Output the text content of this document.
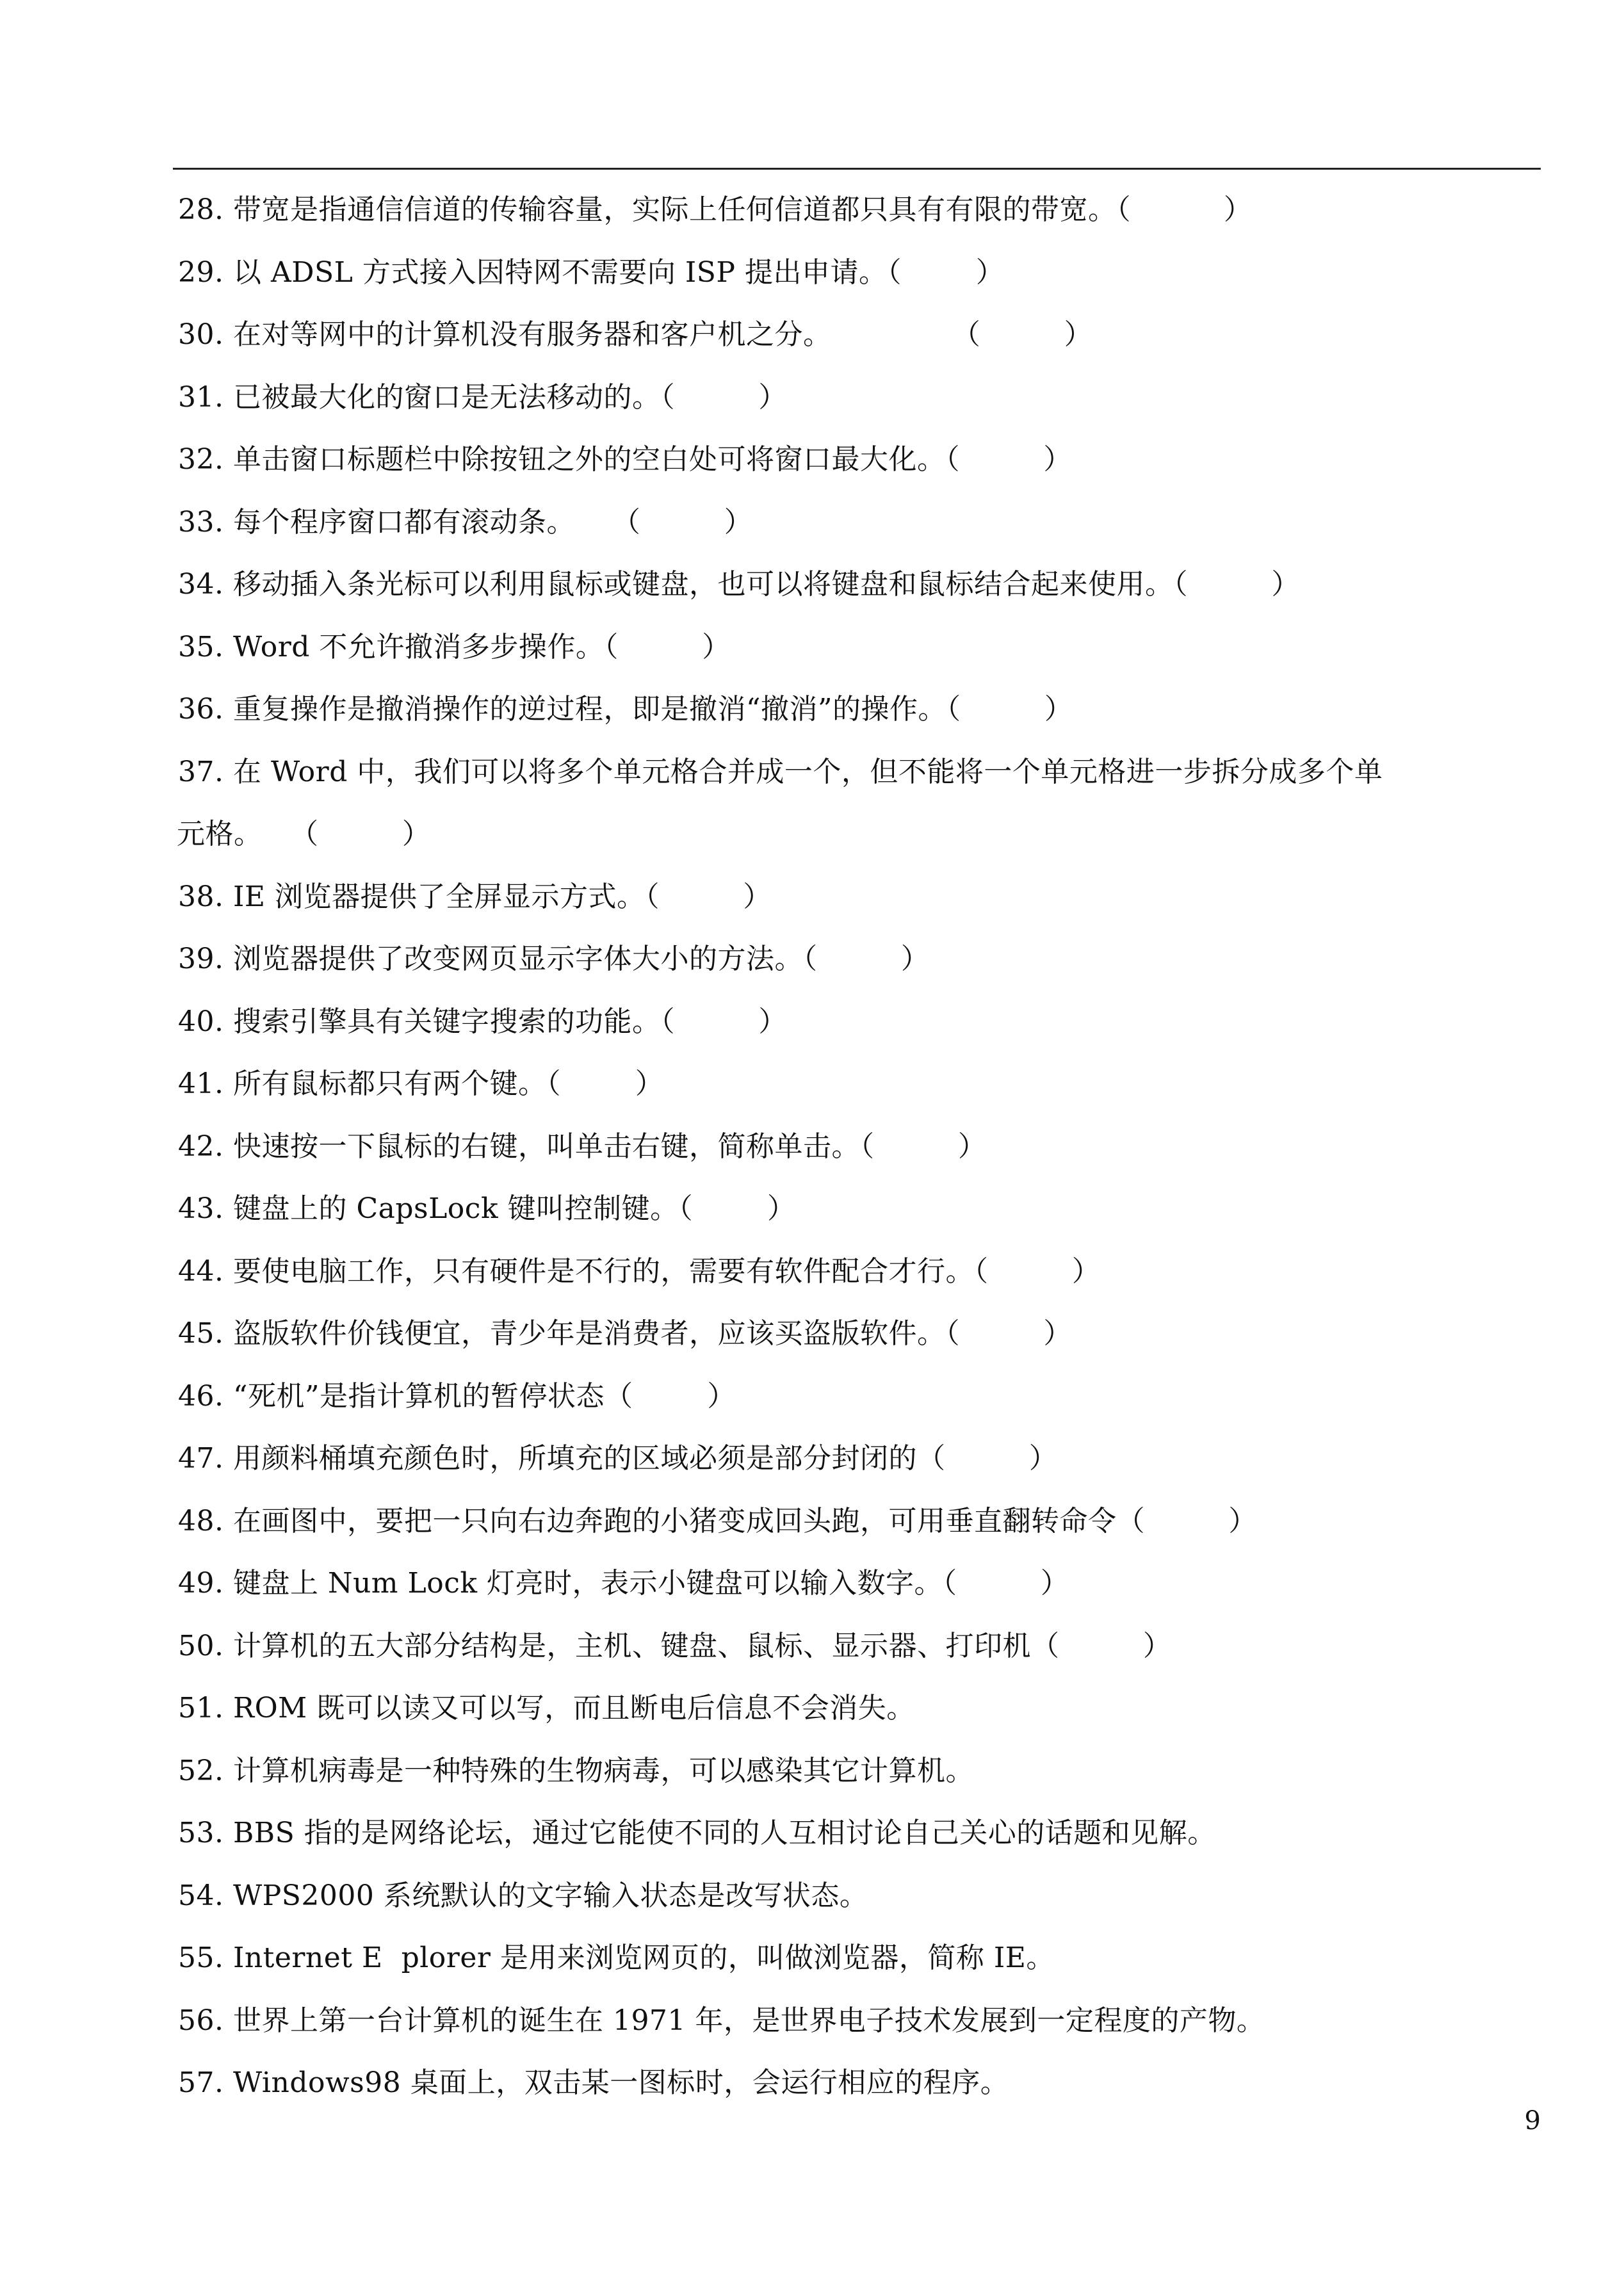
28. 带宽是指通信信道的传输容量，实际上任何信道都只具有有限的带宽。（          ）
29. 以 ADSL 方式接入因特网不需要向 ISP 提出申请。（        ）
30. 在对等网中的计算机没有服务器和客户机之分。             （         ）
31. 已被最大化的窗口是无法移动的。（         ）
32. 单击窗口标题栏中除按钮之外的空白处可将窗口最大化。（         ）
33. 每个程序窗口都有滚动条。    （         ）
34. 移动插入条光标可以利用鼠标或键盘，也可以将键盘和鼠标结合起来使用。（         ）
35. Word 不允许撤消多步操作。（         ）
36. 重复操作是撤消操作的逆过程，即是撤消“撤消”的操作。（         ）
37. 在 Word 中，我们可以将多个单元格合并成一个，但不能将一个单元格进一步拆分成多个单
元格。   （         ）
38. IE 浏览器提供了全屏显示方式。（         ）
39. 浏览器提供了改变网页显示字体大小的方法。（         ）
40. 搜索引擎具有关键字搜索的功能。（         ）
41. 所有鼠标都只有两个键。（        ）
42. 快速按一下鼠标的右键，叫单击右键，简称单击。（         ）
43. 键盘上的 CapsLock 键叫控制键。（        ）
44. 要使电脑工作，只有硬件是不行的，需要有软件配合才行。（         ）
45. 盗版软件价钱便宜，青少年是消费者，应该买盗版软件。（         ）
46. “死机”是指计算机的暂停状态（        ）
47. 用颜料桶填充颜色时，所填充的区域必须是部分封闭的（         ）
48. 在画图中，要把一只向右边奔跑的小猪变成回头跑，可用垂直翻转命令（         ）
49. 键盘上 Num Lock 灯亮时，表示小键盘可以输入数字。（         ）
50. 计算机的五大部分结构是，主机、键盘、鼠标、显示器、打印机（         ）
51. ROM 既可以读又可以写，而且断电后信息不会消失。
52. 计算机病毒是一种特殊的生物病毒，可以感染其它计算机。
53. BBS 指的是网络论坛，通过它能使不同的人互相讨论自己关心的话题和见解。
54. WPS2000 系统默认的文字输入状态是改写状态。
55. Internet E  plorer 是用来浏览网页的，叫做浏览器，简称 IE。
56. 世界上第一台计算机的诞生在 1971 年，是世界电子技术发展到一定程度的产物。
57. Windows98 桌面上，双击某一图标时，会运行相应的程序。
9
